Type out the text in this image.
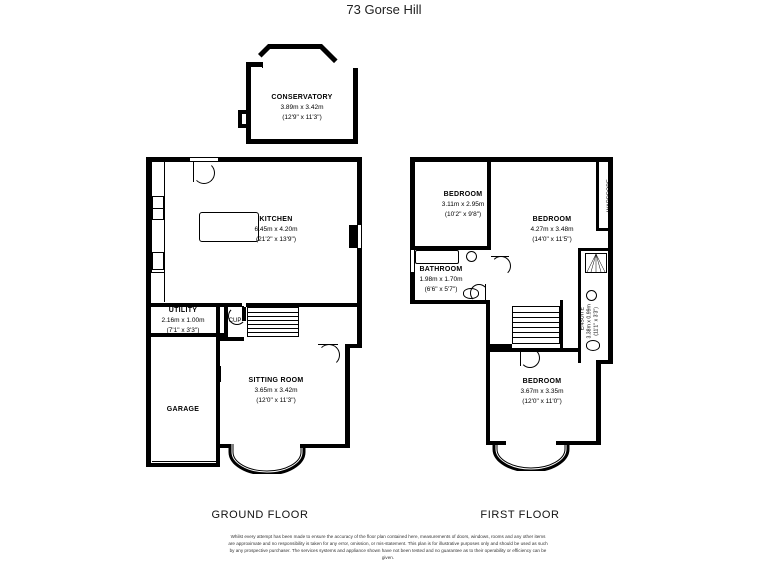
73 Gorse Hill
CONSERVATORY
3.89m x 3.42m
(12'9" x 11'3")
KITCHEN
6.45m x 4.20m
(21'2" x 13'9")
UTILITY
2.16m x 1.00m
(7'1" x 3'3")
CUP
SITTING ROOM
3.65m x 3.42m
(12'0" x 11'3")
GARAGE
GROUND FLOOR
WARDROBE
BEDROOM
3.11m x 2.95m
(10'2" x 9'8")
BATHROOM
1.98m x 1.70m
(6'6" x 5'7")
BEDROOM
4.27m x 3.48m
(14'0" x 11'5")
ENSUITE 3.38m x 0.99m (11'1" x 3'3")
BEDROOM
3.67m x 3.35m
(12'0" x 11'0")
FIRST FLOOR
Whilst every attempt has been made to ensure the accuracy of the floor plan contained here, measurements of doors, windows, rooms and any other items are approximate and no responsibility is taken for any error, omission, or mis-statement. This plan is for illustrative purposes only and should be used as such by any prospective purchaser. The services systems and appliance shown have not been tested and no guarantee as to their operability or efficiency can be given.
